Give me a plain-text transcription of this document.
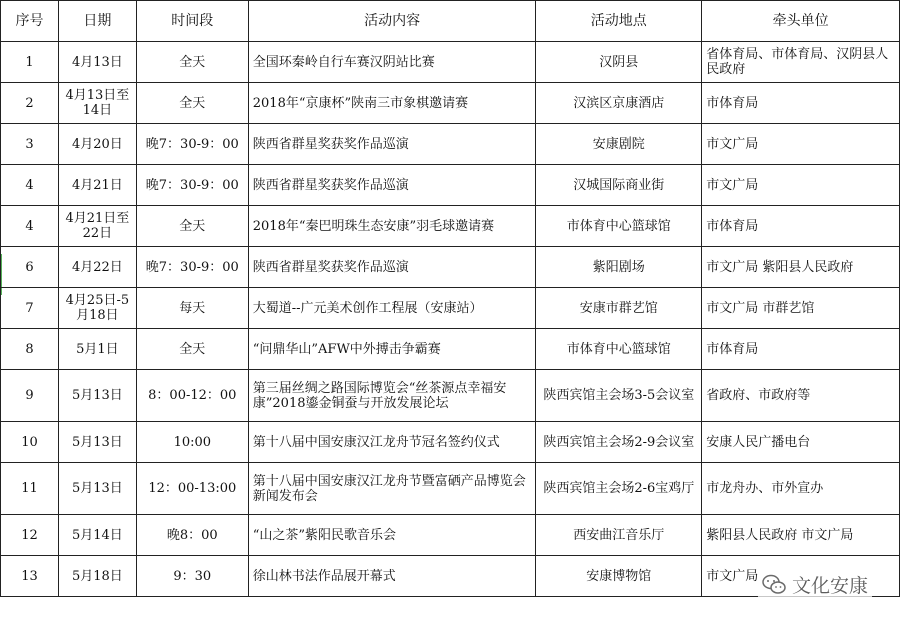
序号	日期	时间段	活动内容	活动地点	牵头单位
1	4月13日	全天	全国环秦岭自行车赛汉阴站比赛	汉阴县	省体育局、市体育局、汉阴县人民政府
2	4月13日至14日	全天	2018年“京康杯”陕南三市象棋邀请赛	汉滨区京康酒店	市体育局
3	4月20日	晚7：30-9：00	陕西省群星奖获奖作品巡演	安康剧院	市文广局
4	4月21日	晚7：30-9：00	陕西省群星奖获奖作品巡演	汉城国际商业街	市文广局
4	4月21日至22日	全天	2018年“秦巴明珠生态安康”羽毛球邀请赛	市体育中心篮球馆	市体育局
6	4月22日	晚7：30-9：00	陕西省群星奖获奖作品巡演	紫阳剧场	市文广局 紫阳县人民政府
7	4月25日-5月18日	每天	大蜀道--广元美术创作工程展（安康站）	安康市群艺馆	市文广局 市群艺馆
8	5月1日	全天	“问鼎华山”AFW中外搏击争霸赛	市体育中心篮球馆	市体育局
9	5月13日	8：00-12：00	第三届丝绸之路国际博览会“丝茶源点幸福安康”2018鎏金铜蚕与开放发展论坛	陕西宾馆主会场3-5会议室	省政府、市政府等
10	5月13日	10:00	第十八届中国安康汉江龙舟节冠名签约仪式	陕西宾馆主会场2-9会议室	安康人民广播电台
11	5月13日	12：00-13:00	第十八届中国安康汉江龙舟节暨富硒产品博览会新闻发布会	陕西宾馆主会场2-6宝鸡厅	市龙舟办、市外宣办
12	5月14日	晚8：00	“山之茶”紫阳民歌音乐会	西安曲江音乐厅	紫阳县人民政府 市文广局
13	5月18日	9：30	徐山林书法作品展开幕式	安康博物馆	市文广局 文化安康
